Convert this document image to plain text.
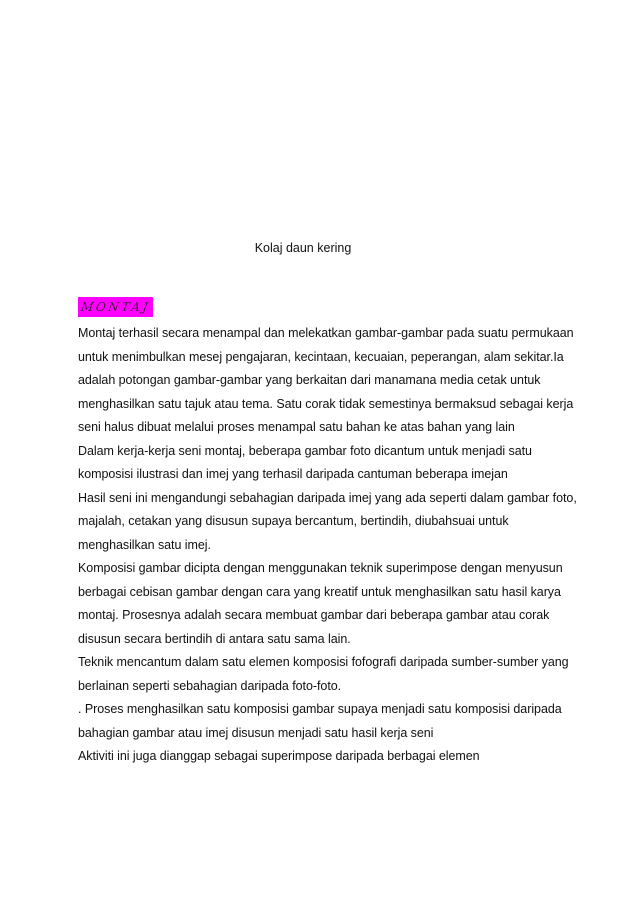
Kolaj daun kering
MONTAJ
Montaj terhasil secara menampal dan melekatkan gambar-gambar pada suatu permukaan
untuk menimbulkan mesej pengajaran, kecintaan, kecuaian, peperangan, alam sekitar.Ia
adalah potongan gambar-gambar yang berkaitan dari manamana media cetak untuk
menghasilkan satu tajuk atau tema. Satu corak tidak semestinya bermaksud sebagai kerja
seni halus dibuat melalui proses menampal satu bahan ke atas bahan yang lain
Dalam kerja-kerja seni montaj, beberapa gambar foto dicantum untuk menjadi satu
komposisi ilustrasi dan imej yang terhasil daripada cantuman beberapa imejan
Hasil seni ini mengandungi sebahagian daripada imej yang ada seperti dalam gambar foto,
majalah, cetakan yang disusun supaya bercantum, bertindih, diubahsuai untuk
menghasilkan satu imej.
Komposisi gambar dicipta dengan menggunakan teknik superimpose dengan menyusun
berbagai cebisan gambar dengan cara yang kreatif untuk menghasilkan satu hasil karya
montaj. Prosesnya adalah secara membuat gambar dari beberapa gambar atau corak
disusun secara bertindih di antara satu sama lain.
Teknik mencantum dalam satu elemen komposisi fofografi daripada sumber-sumber yang
berlainan seperti sebahagian daripada foto-foto.
. Proses menghasilkan satu komposisi gambar supaya menjadi satu komposisi daripada
bahagian gambar atau imej disusun menjadi satu hasil kerja seni
Aktiviti ini juga dianggap sebagai superimpose daripada berbagai elemen
